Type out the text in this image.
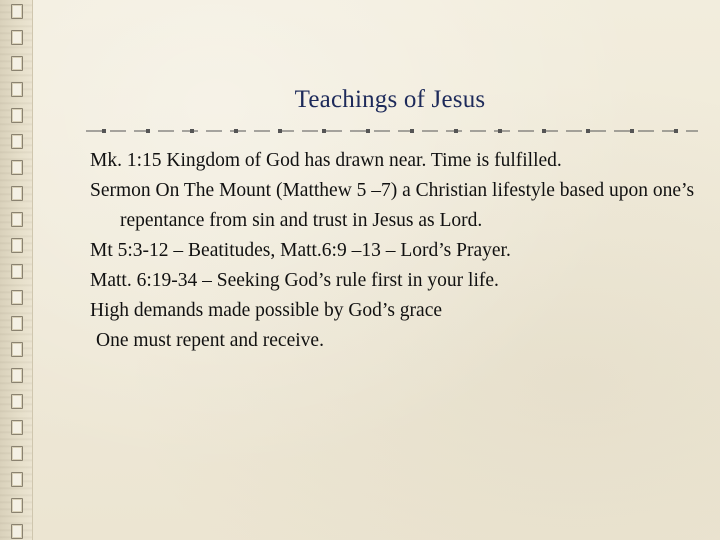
Teachings of Jesus

Mk. 1:15 Kingdom of God has drawn near. Time is fulfilled.

Sermon On The Mount (Matthew 5 –7) a Christian lifestyle based upon one’s repentance from sin and trust in Jesus as Lord.

Mt 5:3-12 – Beatitudes, Matt.6:9 –13 – Lord’s Prayer.

Matt. 6:19-34 – Seeking God’s rule first in your life.

High demands made possible by God’s grace

One must repent and receive.
